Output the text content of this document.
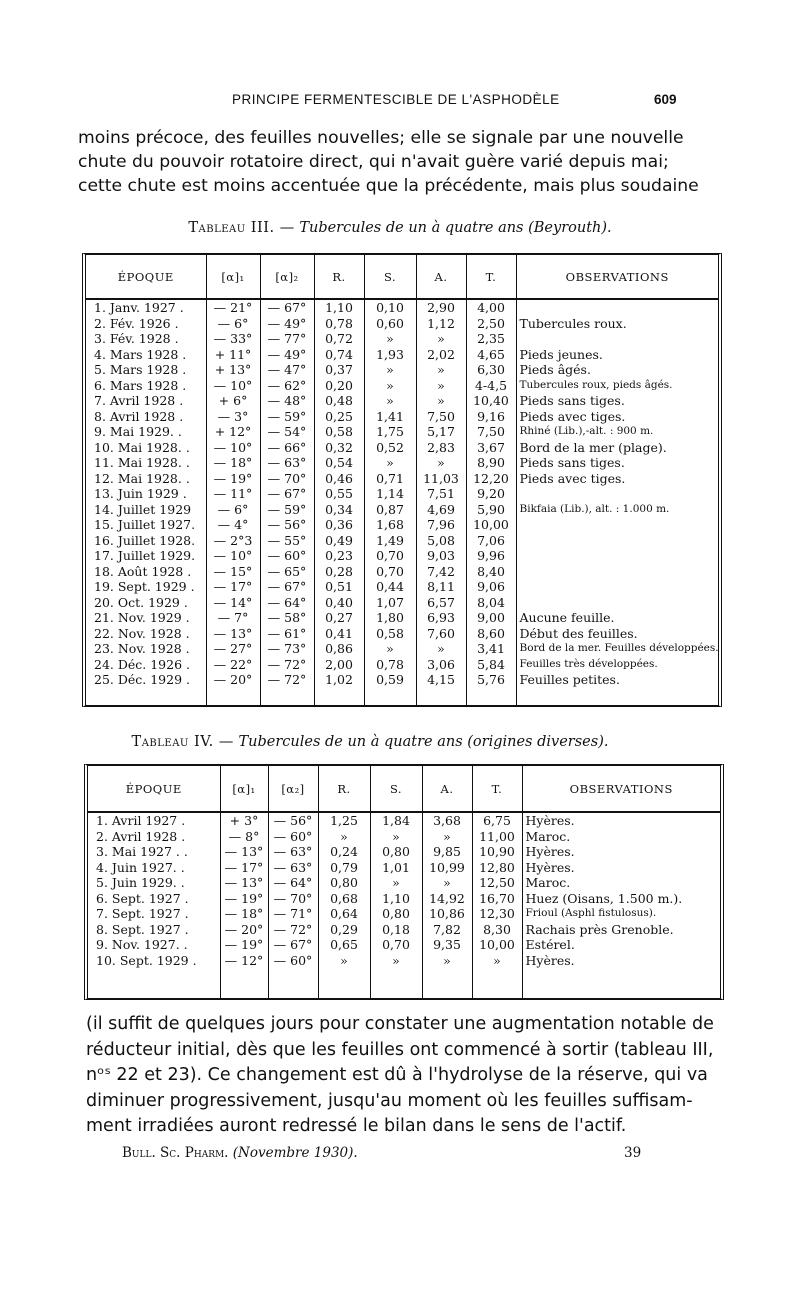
PRINCIPE FERMENTESCIBLE DE L'ASPHODÈLE	609
moins précoce, des feuilles nouvelles; elle se signale par une nouvelle
chute du pouvoir rotatoire direct, qui n'avait guère varié depuis mai;
cette chute est moins accentuée que la précédente, mais plus soudaine
Tableau III. — Tubercules de un à quatre ans (Beyrouth).
ÉPOQUE	[α]₁	[α]₂	R.	S.	A.	T.	OBSERVATIONS
1. Janv. 1927 .	— 21°	— 67°	1,10	0,10	2,90	4,00	
2. Fév. 1926 .	— 6°	— 49°	0,78	0,60	1,12	2,50	Tubercules roux.
3. Fév. 1928 .	— 33°	— 77°	0,72	»	»	2,35	
4. Mars 1928 .	+ 11°	— 49°	0,74	1,93	2,02	4,65	Pieds jeunes.
5. Mars 1928 .	+ 13°	— 47°	0,37	»	»	6,30	Pieds âgés.
6. Mars 1928 .	— 10°	— 62°	0,20	»	»	4-4,5	Tubercules roux, pieds âgés.
7. Avril 1928 .	+ 6°	— 48°	0,48	»	»	10,40	Pieds sans tiges.
8. Avril 1928 .	— 3°	— 59°	0,25	1,41	7,50	9,16	Pieds avec tiges.
9. Mai 1929. .	+ 12°	— 54°	0,58	1,75	5,17	7,50	Rhiné (Lib.),-alt. : 900 m.
10. Mai 1928. .	— 10°	— 66°	0,32	0,52	2,83	3,67	Bord de la mer (plage).
11. Mai 1928. .	— 18°	— 63°	0,54	»	»	8,90	Pieds sans tiges.
12. Mai 1928. .	— 19°	— 70°	0,46	0,71	11,03	12,20	Pieds avec tiges.
13. Juin 1929 .	— 11°	— 67°	0,55	1,14	7,51	9,20	
14. Juillet 1929	— 6°	— 59°	0,34	0,87	4,69	5,90	Bikfaia (Lib.), alt. : 1.000 m.
15. Juillet 1927.	— 4°	— 56°	0,36	1,68	7,96	10,00	
16. Juillet 1928.	— 2°3	— 55°	0,49	1,49	5,08	7,06	
17. Juillet 1929.	— 10°	— 60°	0,23	0,70	9,03	9,96	
18. Août 1928 .	— 15°	— 65°	0,28	0,70	7,42	8,40	
19. Sept. 1929 .	— 17°	— 67°	0,51	0,44	8,11	9,06	
20. Oct. 1929 .	— 14°	— 64°	0,40	1,07	6,57	8,04	
21. Nov. 1929 .	— 7°	— 58°	0,27	1,80	6,93	9,00	Aucune feuille.
22. Nov. 1928 .	— 13°	— 61°	0,41	0,58	7,60	8,60	Début des feuilles.
23. Nov. 1928 .	— 27°	— 73°	0,86	»	»	3,41	Bord de la mer. Feuilles développées.
24. Déc. 1926 .	— 22°	— 72°	2,00	0,78	3,06	5,84	Feuilles très développées.
25. Déc. 1929 .	— 20°	— 72°	1,02	0,59	4,15	5,76	Feuilles petites.

Tableau IV. — Tubercules de un à quatre ans (origines diverses).
ÉPOQUE	[α]₁	[α₂]	R.	S.	A.	T.	OBSERVATIONS
1. Avril 1927 .	+ 3°	— 56°	1,25	1,84	3,68	6,75	Hyères.
2. Avril 1928 .	— 8°	— 60°	»	»	»	11,00	Maroc.
3. Mai 1927 . .	— 13°	— 63°	0,24	0,80	9,85	10,90	Hyères.
4. Juin 1927. .	— 17°	— 63°	0,79	1,01	10,99	12,80	Hyères.
5. Juin 1929. .	— 13°	— 64°	0,80	»	»	12,50	Maroc.
6. Sept. 1927 .	— 19°	— 70°	0,68	1,10	14,92	16,70	Huez (Oisans, 1.500 m.).
7. Sept. 1927 .	— 18°	— 71°	0,64	0,80	10,86	12,30	Frioul (Asphl fistulosus).
8. Sept. 1927 .	— 20°	— 72°	0,29	0,18	7,82	8,30	Rachais près Grenoble.
9. Nov. 1927. .	— 19°	— 67°	0,65	0,70	9,35	10,00	Estérel.
10. Sept. 1929 .	— 12°	— 60°	»	»	»	»	Hyères.

(il suffit de quelques jours pour constater une augmentation notable de
réducteur initial, dès que les feuilles ont commencé à sortir (tableau III,
nᵒˢ 22 et 23). Ce changement est dû à l'hydrolyse de la réserve, qui va
diminuer progressivement, jusqu'au moment où les feuilles suffisam-
ment irradiées auront redressé le bilan dans le sens de l'actif.
Bull. Sc. Pharm. (Novembre 1930).	39
